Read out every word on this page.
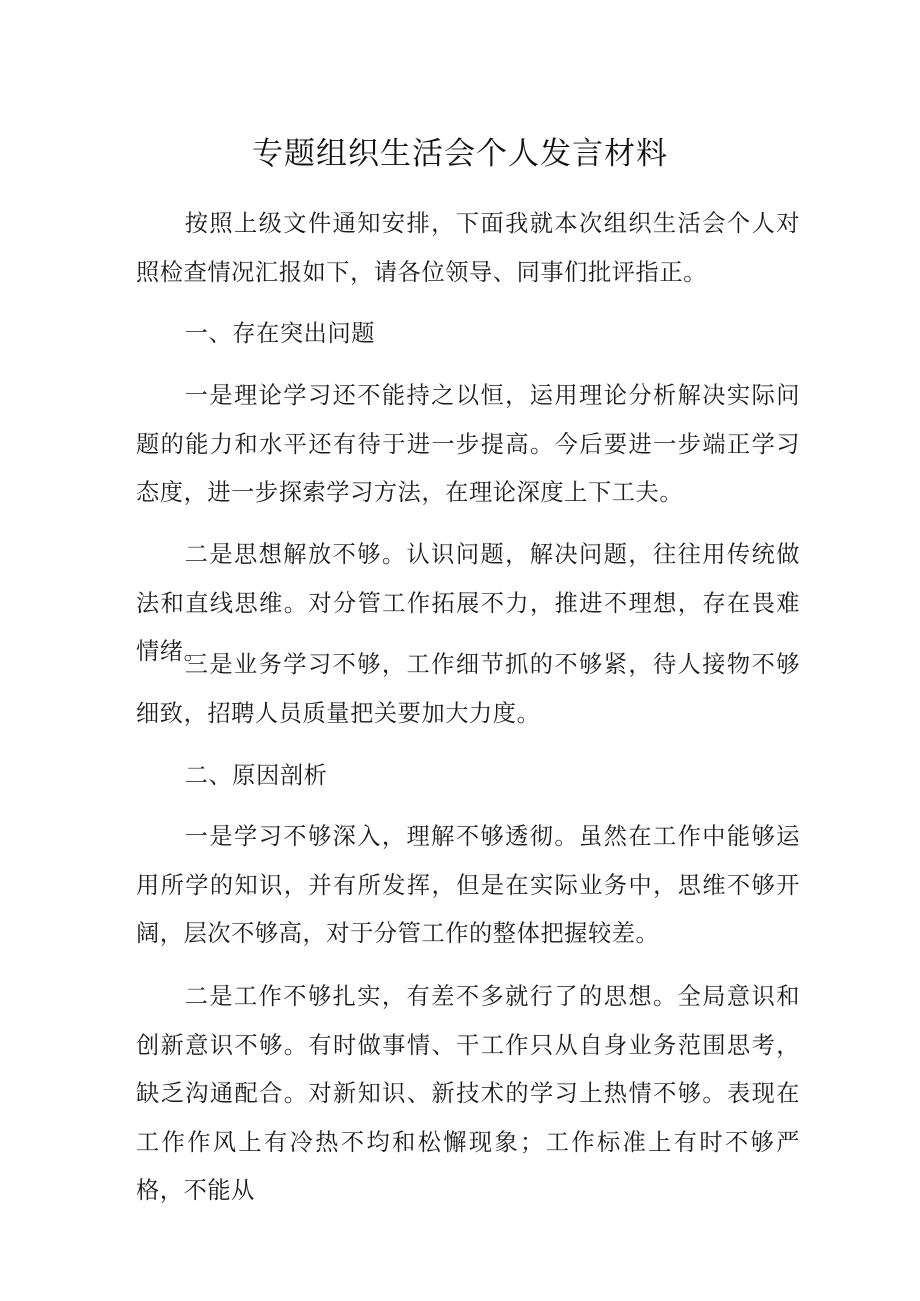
专题组织生活会个人发言材料

按照上级文件通知安排，下面我就本次组织生活会个人对照检查情况汇报如下，请各位领导、同事们批评指正。

一、存在突出问题

一是理论学习还不能持之以恒，运用理论分析解决实际问题的能力和水平还有待于进一步提高。今后要进一步端正学习态度，进一步探索学习方法，在理论深度上下工夫。

二是思想解放不够。认识问题，解决问题，往往用传统做法和直线思维。对分管工作拓展不力，推进不理想，存在畏难情绪。

三是业务学习不够，工作细节抓的不够紧，待人接物不够细致，招聘人员质量把关要加大力度。

二、原因剖析

一是学习不够深入，理解不够透彻。虽然在工作中能够运用所学的知识，并有所发挥，但是在实际业务中，思维不够开阔，层次不够高，对于分管工作的整体把握较差。

二是工作不够扎实，有差不多就行了的思想。全局意识和创新意识不够。有时做事情、干工作只从自身业务范围思考，缺乏沟通配合。对新知识、新技术的学习上热情不够。表现在工作作风上有冷热不均和松懈现象；工作标准上有时不够严格，不能从
